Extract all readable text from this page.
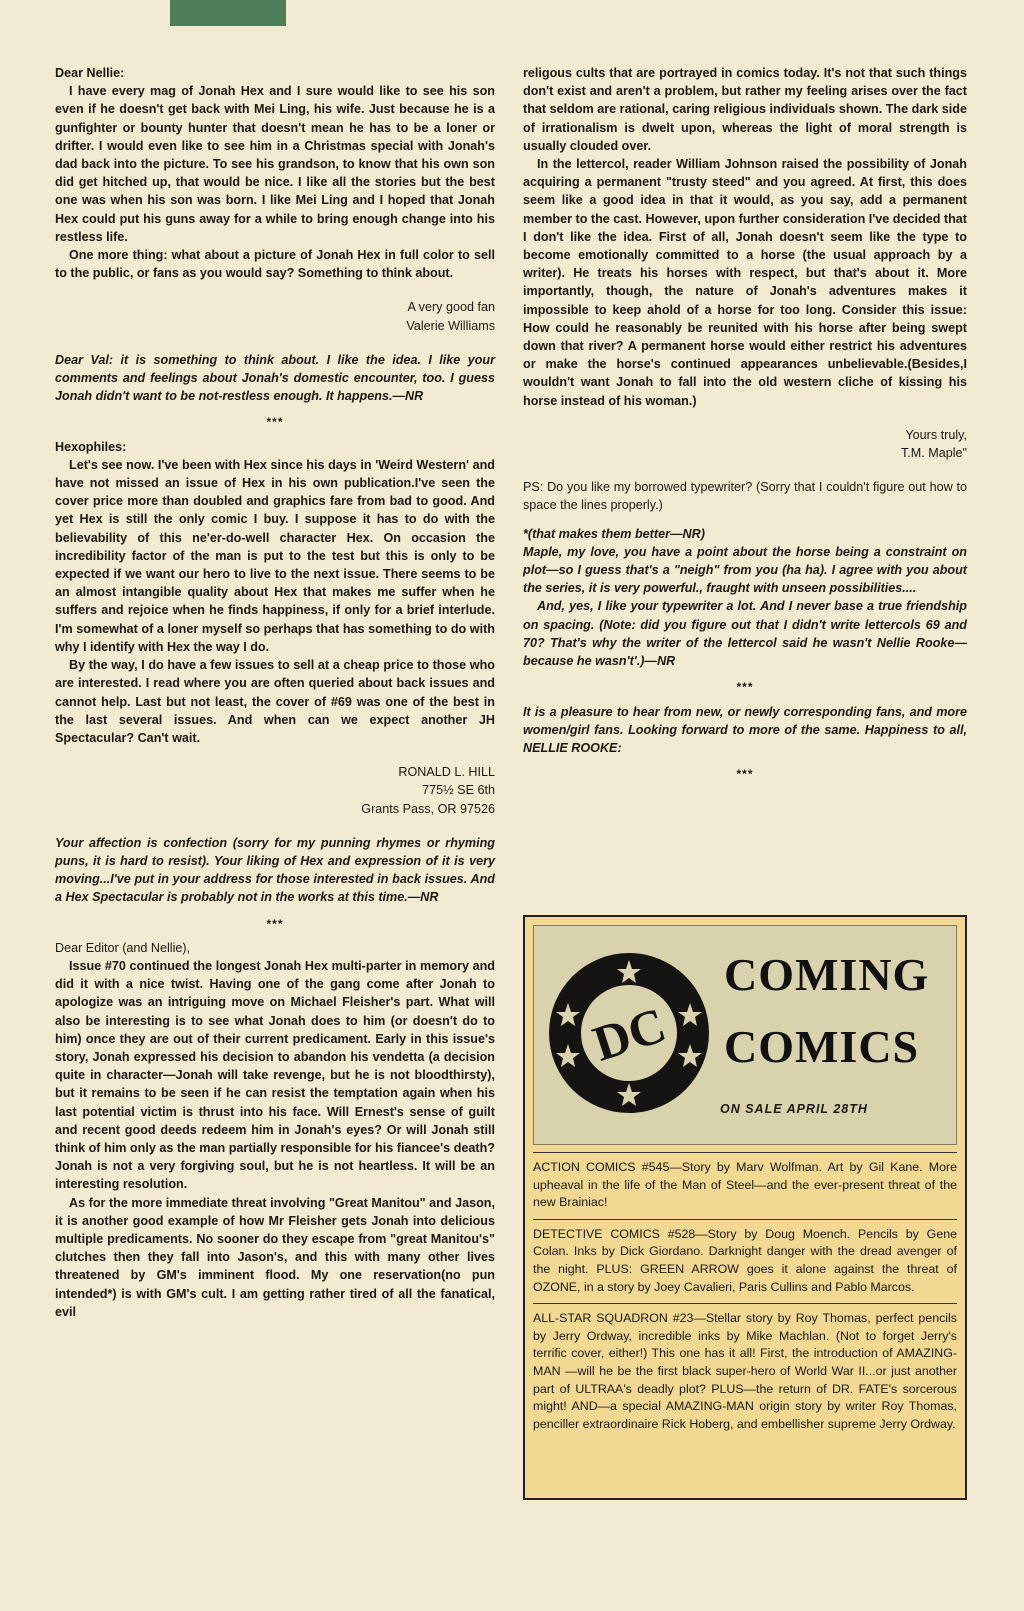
Dear Nellie:

I have every mag of Jonah Hex and I sure would like to see his son even if he doesn't get back with Mei Ling, his wife. Just because he is a gunfighter or bounty hunter that doesn't mean he has to be a loner or drifter. I would even like to see him in a Christmas special with Jonah's dad back into the picture. To see his grandson, to know that his own son did get hitched up, that would be nice. I like all the stories but the best one was when his son was born. I like Mei Ling and I hoped that Jonah Hex could put his guns away for a while to bring enough change into his restless life.

One more thing: what about a picture of Jonah Hex in full color to sell to the public, or fans as you would say? Something to think about.

A very good fan
Valerie Williams

Dear Val: it is something to think about. I like the idea. I like your comments and feelings about Jonah's domestic encounter, too. I guess Jonah didn't want to be not-restless enough. It happens.—NR

***

Hexophiles:

Let's see now. I've been with Hex since his days in 'Weird Western' and have not missed an issue of Hex in his own publication.I've seen the cover price more than doubled and graphics fare from bad to good. And yet Hex is still the only comic I buy. I suppose it has to do with the believability of this ne'er-do-well character Hex. On occasion the incredibility factor of the man is put to the test but this is only to be expected if we want our hero to live to the next issue. There seems to be an almost intangible quality about Hex that makes me suffer when he suffers and rejoice when he finds happiness, if only for a brief interlude. I'm somewhat of a loner myself so perhaps that has something to do with why I identify with Hex the way I do.

By the way, I do have a few issues to sell at a cheap price to those who are interested. I read where you are often queried about back issues and cannot help. Last but not least, the cover of #69 was one of the best in the last several issues. And when can we expect another JH Spectacular? Can't wait.

RONALD L. HILL
775½ SE 6th
Grants Pass, OR 97526

Your affection is confection (sorry for my punning rhymes or rhyming puns, it is hard to resist). Your liking of Hex and expression of it is very moving...I've put in your address for those interested in back issues. And a Hex Spectacular is probably not in the works at this time.—NR

***

Dear Editor (and Nellie),

Issue #70 continued the longest Jonah Hex multi-parter in memory and did it with a nice twist. Having one of the gang come after Jonah to apologize was an intriguing move on Michael Fleisher's part. What will also be interesting is to see what Jonah does to him (or doesn't do to him) once they are out of their current predicament. Early in this issue's story, Jonah expressed his decision to abandon his vendetta (a decision quite in character—Jonah will take revenge, but he is not bloodthirsty), but it remains to be seen if he can resist the temptation again when his last potential victim is thrust into his face. Will Ernest's sense of guilt and recent good deeds redeem him in Jonah's eyes? Or will Jonah still think of him only as the man partially responsible for his fiancee's death? Jonah is not a very forgiving soul, but he is not heartless. It will be an interesting resolution.

As for the more immediate threat involving "Great Manitou" and Jason, it is another good example of how Mr Fleisher gets Jonah into delicious multiple predicaments. No sooner do they escape from "great Manitou's" clutches then they fall into Jason's, and this with many other lives threatened by GM's imminent flood. My one reservation(no pun intended*) is with GM's cult. I am getting rather tired of all the fanatical, evil

religous cults that are portrayed in comics today. It's not that such things don't exist and aren't a problem, but rather my feeling arises over the fact that seldom are rational, caring religious individuals shown. The dark side of irrationalism is dwelt upon, whereas the light of moral strength is usually clouded over.

In the lettercol, reader William Johnson raised the possibility of Jonah acquiring a permanent "trusty steed" and you agreed. At first, this does seem like a good idea in that it would, as you say, add a permanent member to the cast. However, upon further consideration I've decided that I don't like the idea. First of all, Jonah doesn't seem like the type to become emotionally committed to a horse (the usual approach by a writer). He treats his horses with respect, but that's about it. More importantly, though, the nature of Jonah's adventures makes it impossible to keep ahold of a horse for too long. Consider this issue: How could he reasonably be reunited with his horse after being swept down that river? A permanent horse would either restrict his adventures or make the horse's continued appearances unbelievable.(Besides,I wouldn't want Jonah to fall into the old western cliche of kissing his horse instead of his woman.)

Yours truly,
T.M. Maple"

PS: Do you like my borrowed typewriter? (Sorry that I couldn't figure out how to space the lines properly.)

*(that makes them better—NR)

Maple, my love, you have a point about the horse being a constraint on plot—so I guess that's a "neigh" from you (ha ha). I agree with you about the series, it is very powerful., fraught with unseen possibilities....

And, yes, I like your typewriter a lot. And I never base a true friendship on spacing. (Note: did you figure out that I didn't write lettercols 69 and 70? That's why the writer of the lettercol said he wasn't Nellie Rooke—because he wasn't'.)—NR

***

It is a pleasure to hear from new, or newly corresponding fans, and more women/girl fans. Looking forward to more of the same. Happiness to all, NELLIE ROOKE:

***
DC
COMING
COMICS
ON SALE APRIL 28TH
ACTION COMICS #545—Story by Marv Wolfman. Art by Gil Kane. More upheaval in the life of the Man of Steel—and the ever-present threat of the new Brainiac!
DETECTIVE COMICS #528—Story by Doug Moench. Pencils by Gene Colan. Inks by Dick Giordano. Darknight danger with the dread avenger of the night. PLUS: GREEN ARROW goes it alone against the threat of OZONE, in a story by Joey Cavalieri, Paris Cullins and Pablo Marcos.
ALL-STAR SQUADRON #23—Stellar story by Roy Thomas, perfect pencils by Jerry Ordway, incredible inks by Mike Machlan. (Not to forget Jerry's terrific cover, either!) This one has it all! First, the introduction of AMAZING-MAN —will he be the first black super-hero of World War II...or just another part of ULTRAA's deadly plot? PLUS—the return of DR. FATE's sorcerous might! AND—a special AMAZING-MAN origin story by writer Roy Thomas, penciller extraordinaire Rick Hoberg, and embellisher supreme Jerry Ordway.
